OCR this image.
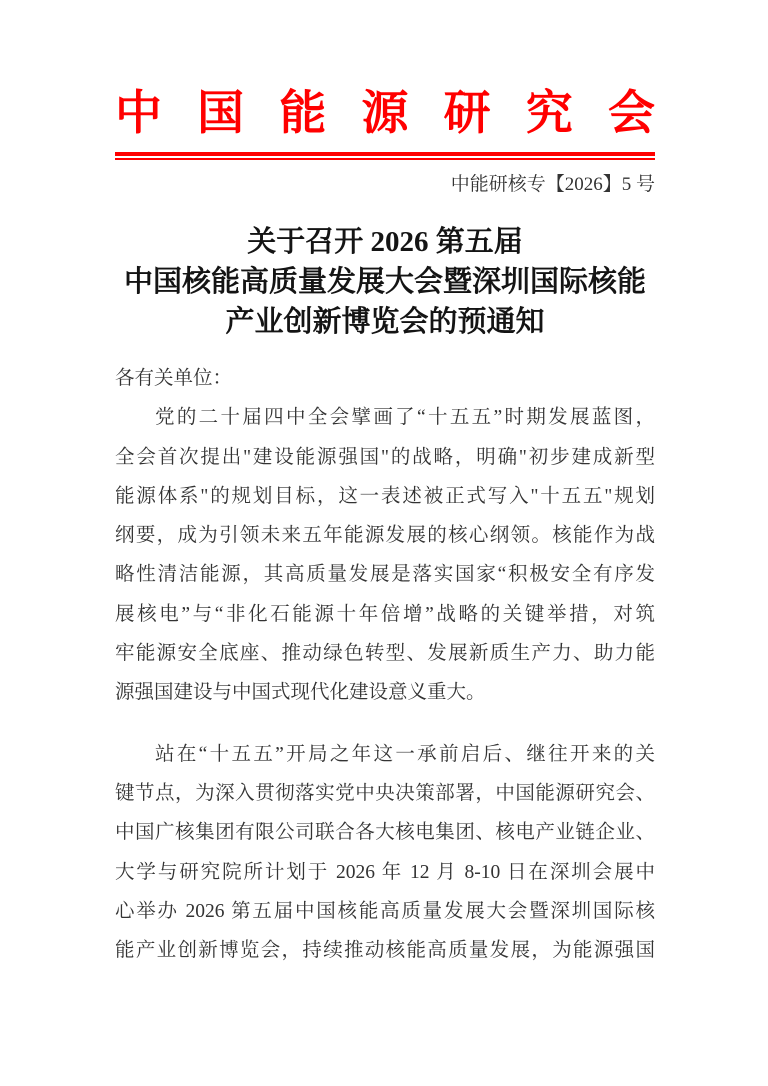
中 国 能 源 研 究 会
中能研核专【2026】5 号
关于召开 2026 第五届
中国核能高质量发展大会暨深圳国际核能
产业创新博览会的预通知
各有关单位：
党的二十届四中全会擘画了“十五五”时期发展蓝图，
全会首次提出"建设能源强国"的战略，明确"初步建成新型
能源体系"的规划目标，这一表述被正式写入"十五五"规划
纲要，成为引领未来五年能源发展的核心纲领。核能作为战
略性清洁能源，其高质量发展是落实国家“积极安全有序发
展核电”与“非化石能源十年倍增”战略的关键举措，对筑
牢能源安全底座、推动绿色转型、发展新质生产力、助力能
源强国建设与中国式现代化建设意义重大。
站在“十五五”开局之年这一承前启后、继往开来的关
键节点，为深入贯彻落实党中央决策部署，中国能源研究会、
中国广核集团有限公司联合各大核电集团、核电产业链企业、
大学与研究院所计划于 2026 年 12 月 8-10 日在深圳会展中
心举办 2026 第五届中国核能高质量发展大会暨深圳国际核
能产业创新博览会，持续推动核能高质量发展，为能源强国
